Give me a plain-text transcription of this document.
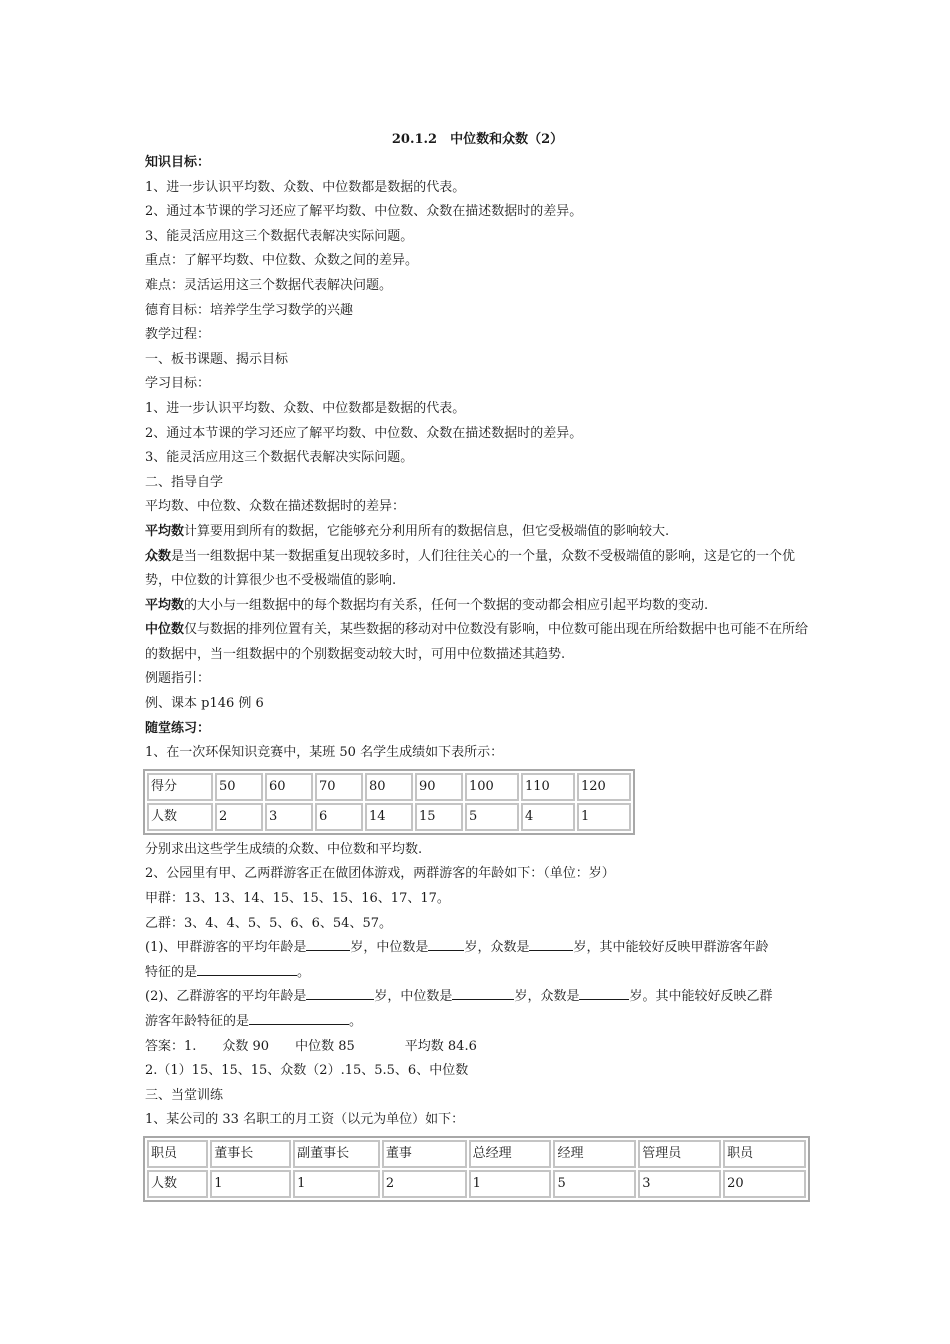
20.1.2　中位数和众数（2）
知识目标：
1、进一步认识平均数、众数、中位数都是数据的代表。
2、通过本节课的学习还应了解平均数、中位数、众数在描述数据时的差异。
3、能灵活应用这三个数据代表解决实际问题。
重点：了解平均数、中位数、众数之间的差异。
难点：灵活运用这三个数据代表解决问题。
德育目标：培养学生学习数学的兴趣
教学过程：
一、板书课题、揭示目标
学习目标：
1、进一步认识平均数、众数、中位数都是数据的代表。
2、通过本节课的学习还应了解平均数、中位数、众数在描述数据时的差异。
3、能灵活应用这三个数据代表解决实际问题。
二、指导自学
平均数、中位数、众数在描述数据时的差异：
平均数计算要用到所有的数据，它能够充分利用所有的数据信息，但它受极端值的影响较大.
众数是当一组数据中某一数据重复出现较多时，人们往往关心的一个量，众数不受极端值的影响，这是它的一个优势，中位数的计算很少也不受极端值的影响.
平均数的大小与一组数据中的每个数据均有关系，任何一个数据的变动都会相应引起平均数的变动.
中位数仅与数据的排列位置有关，某些数据的移动对中位数没有影响，中位数可能出现在所给数据中也可能不在所给的数据中，当一组数据中的个别数据变动较大时，可用中位数描述其趋势.
例题指引：
例、课本 p146 例 6
随堂练习：
1、在一次环保知识竞赛中，某班 50 名学生成绩如下表所示：
得分	50	60	70	80	90	100	110	120
人数	2	3	6	14	15	5	4	1
分别求出这些学生成绩的众数、中位数和平均数.
2、公园里有甲、乙两群游客正在做团体游戏，两群游客的年龄如下：（单位：岁）
甲群：13、13、14、15、15、15、16、17、17。
乙群：3、4、4、5、5、6、6、54、57。
(1)、甲群游客的平均年龄是	岁，中位数是	岁，众数是	岁，其中能较好反映甲群游客年龄
特征的是	。
(2)、乙群游客的平均年龄是	岁，中位数是	岁，众数是	岁。其中能较好反映乙群
游客年龄特征的是	。
答案：1. 众数 90 中位数 85	平均数 84.6
2.（1）15、15、15、众数（2）.15、5.5、6、中位数
三、当堂训练
1、某公司的 33 名职工的月工资（以元为单位）如下：
职员	董事长	副董事长	董事	总经理	经理	管理员	职员
人数	1	1	2	1	5	3	20
